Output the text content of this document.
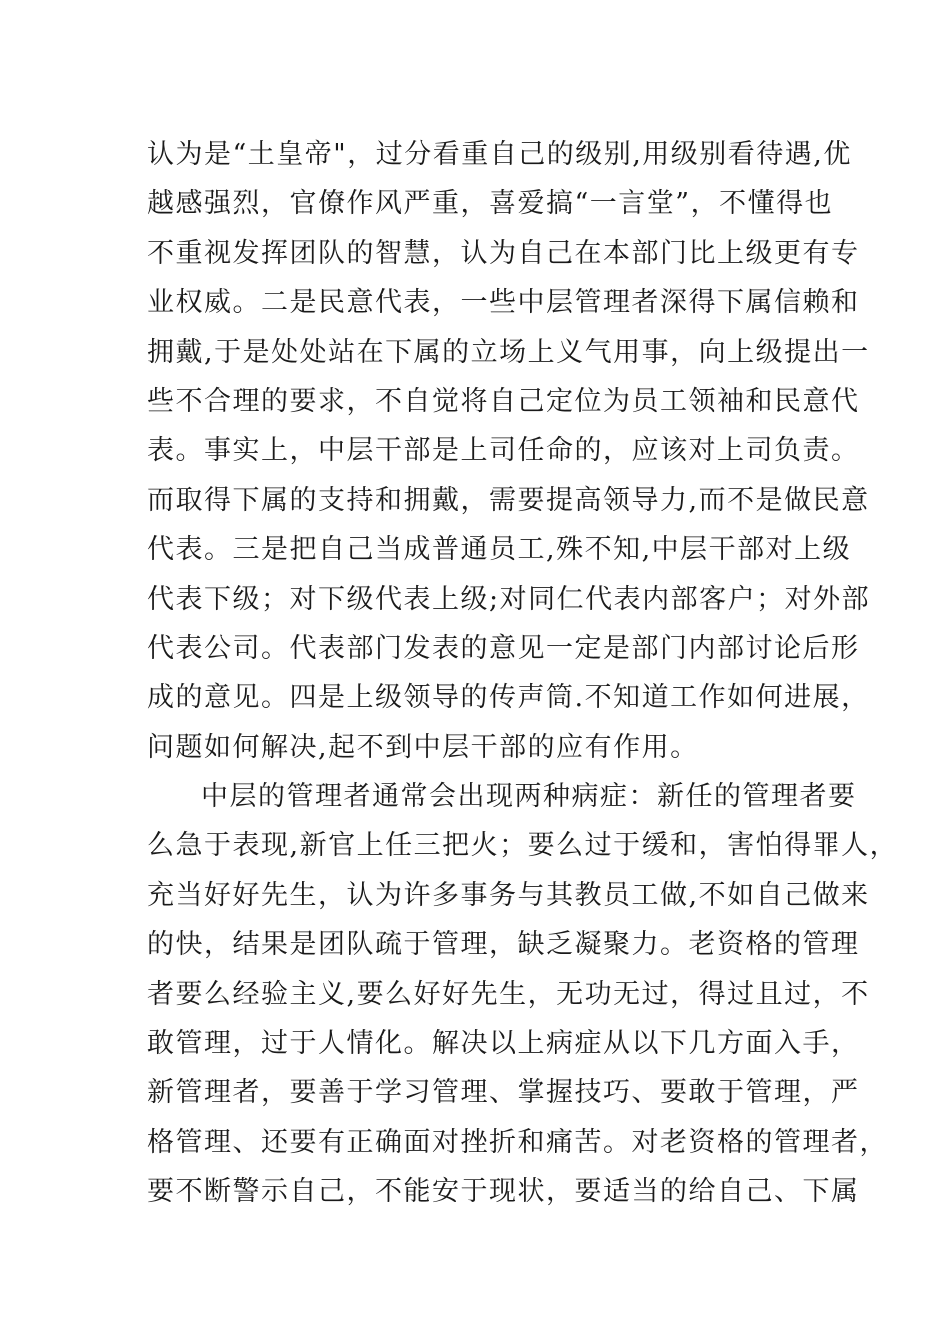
认为是“土皇帝"，过分看重自己的级别,用级别看待遇,优
越感强烈，官僚作风严重，喜爱搞“一言堂”，不懂得也
不重视发挥团队的智慧，认为自己在本部门比上级更有专
业权威。二是民意代表，一些中层管理者深得下属信赖和
拥戴,于是处处站在下属的立场上义气用事，向上级提出一
些不合理的要求，不自觉将自己定位为员工领袖和民意代
表。事实上，中层干部是上司任命的，应该对上司负责。
而取得下属的支持和拥戴，需要提高领导力,而不是做民意
代表。三是把自己当成普通员工,殊不知,中层干部对上级
代表下级；对下级代表上级;对同仁代表内部客户；对外部
代表公司。代表部门发表的意见一定是部门内部讨论后形
成的意见。四是上级领导的传声筒.不知道工作如何进展，
问题如何解决,起不到中层干部的应有作用。
中层的管理者通常会出现两种病症：新任的管理者要
么急于表现,新官上任三把火；要么过于缓和，害怕得罪人，
充当好好先生，认为许多事务与其教员工做,不如自己做来
的快，结果是团队疏于管理，缺乏凝聚力。老资格的管理
者要么经验主义,要么好好先生，无功无过，得过且过，不
敢管理，过于人情化。解决以上病症从以下几方面入手，
新管理者，要善于学习管理、掌握技巧、要敢于管理，严
格管理、还要有正确面对挫折和痛苦。对老资格的管理者，
要不断警示自己，不能安于现状，要适当的给自己、下属
